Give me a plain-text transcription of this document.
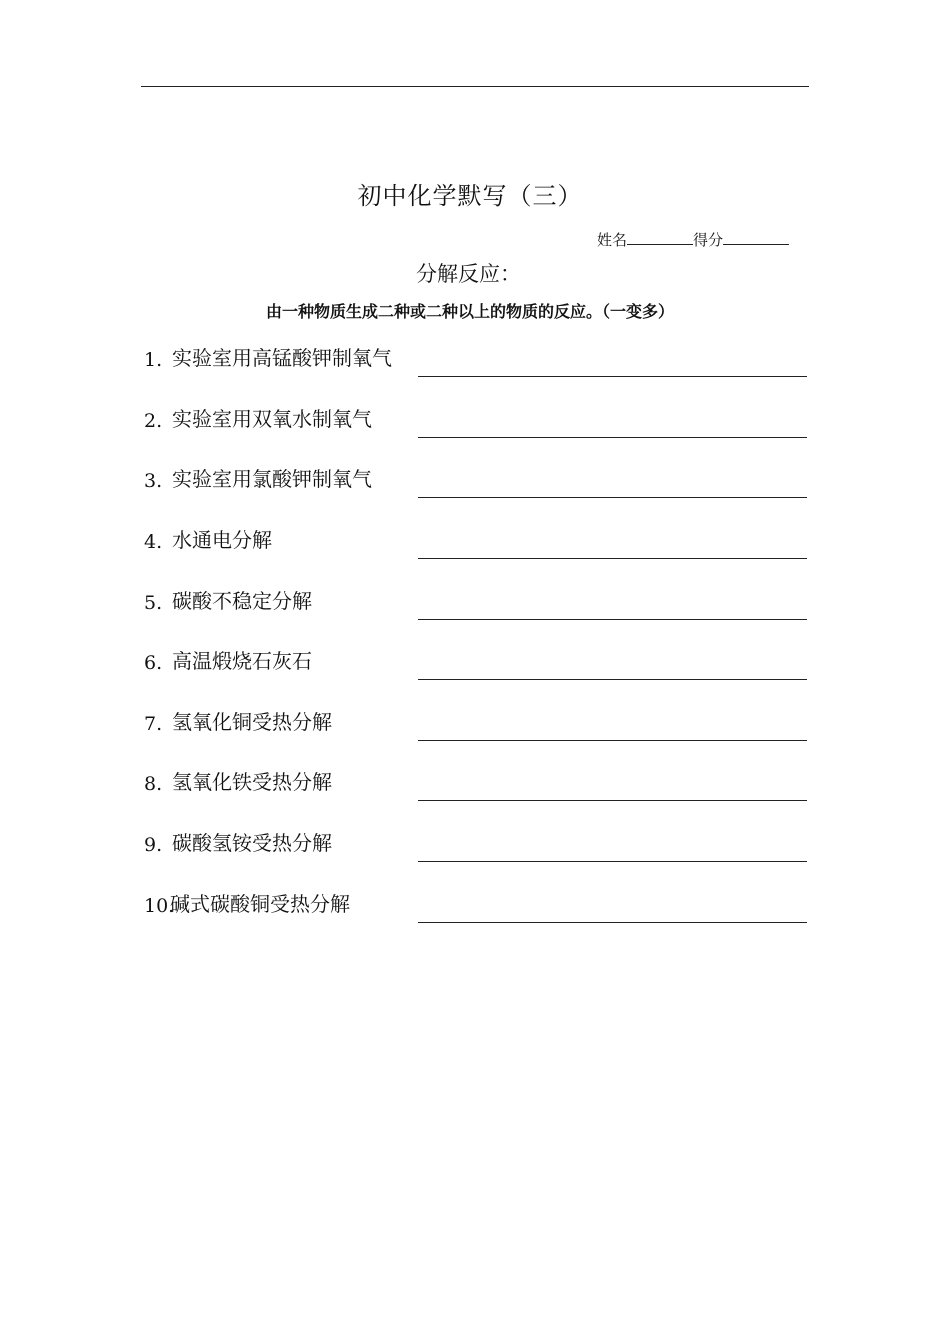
初中化学默写（三）
姓名	得分
分解反应：
由一种物质生成二种或二种以上的物质的反应。（一变多）
1. 实验室用高锰酸钾制氧气
2. 实验室用双氧水制氧气
3. 实验室用氯酸钾制氧气
4. 水通电分解
5. 碳酸不稳定分解
6. 高温煅烧石灰石
7. 氢氧化铜受热分解
8. 氢氧化铁受热分解
9. 碳酸氢铵受热分解
10.
碱式碳酸铜受热分解
